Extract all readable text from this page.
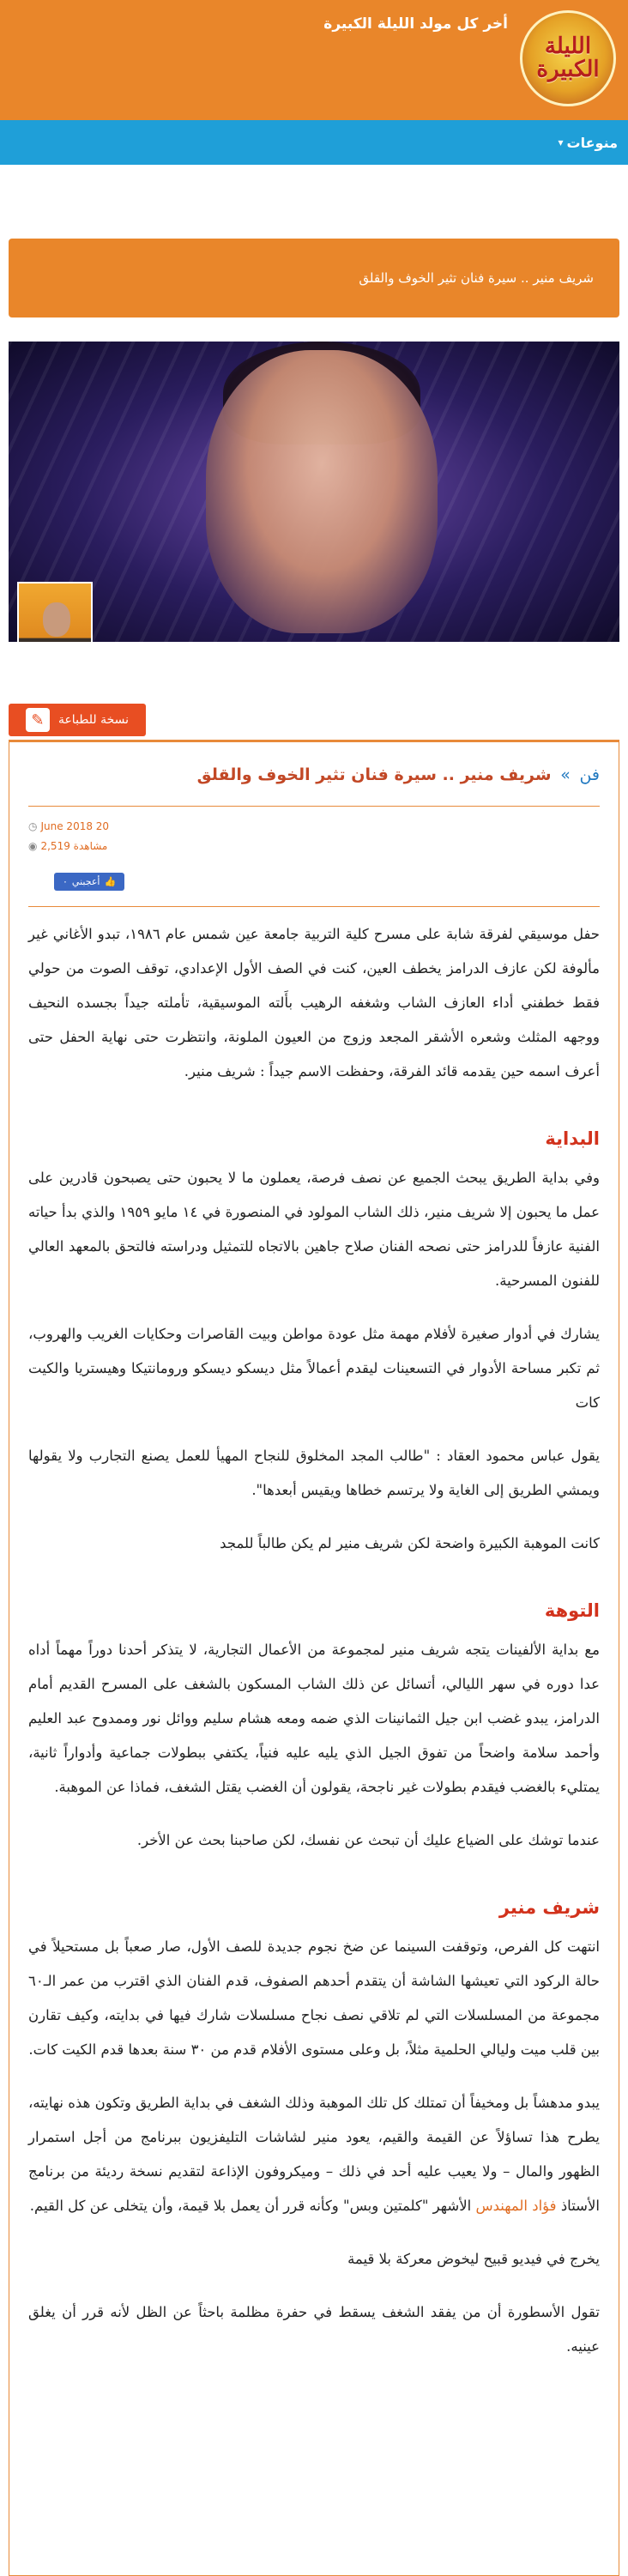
الليلة
الكبيرة
أخر كل مولد الليلة الكبيرة
منوعات
▾
شريف منير .. سيرة فنان تثير الخوف والقلق
نسخة للطباعة
✎
فن » شريف منير .. سيرة فنان تثير الخوف والقلق
◷ June 2018 20
◉ 2,519 مشاهدة
👍
أعجبني
٠

حفل موسيقي لفرقة شابة على مسرح كلية التربية جامعة عين شمس عام ١٩٨٦، تبدو الأغاني غير مألوفة لكن عازف الدرامز يخطف العين، كنت في الصف الأول الإعدادي، توقف الصوت من حولي فقط خطفني أداء العازف الشاب وشغفه الرهيب بأَلته الموسيقية، تأملته جيداً بجسده النحيف ووجهه المثلث وشعره الأشقر المجعد وزوج من العيون الملونة، وانتظرت حتى نهاية الحفل حتى أعرف اسمه حين يقدمه قائد الفرقة، وحفظت الاسم جيداً : شريف منير.

البداية

وفي بداية الطريق يبحث الجميع عن نصف فرصة، يعملون ما لا يحبون حتى يصبحون قادرين على عمل ما يحبون إلا شريف منير، ذلك الشاب المولود في المنصورة في ١٤ مايو ١٩٥٩ والذي بدأ حياته الفنية عازفاً للدرامز حتى نصحه الفنان صلاح جاهين بالاتجاه للتمثيل ودراسته فالتحق بالمعهد العالي للفنون المسرحية.

يشارك في أدوار صغيرة لأفلام مهمة مثل عودة مواطن وبيت القاصرات وحكايات الغريب والهروب، ثم تكبر مساحة الأدوار في التسعينات ليقدم أعمالاً مثل ديسكو ديسكو ورومانتيكا وهيستريا والكيت كات

يقول عباس محمود العقاد : "طالب المجد المخلوق للنجاح المهيأ للعمل يصنع التجارب ولا يقولها ويمشي الطريق إلى الغاية ولا يرتسم خطاها ويقيس أبعدها".

كانت الموهبة الكبيرة واضحة لكن شريف منير لم يكن طالباً للمجد

التوهة

مع بداية الألفينات يتجه شريف منير لمجموعة من الأعمال التجارية، لا يتذكر أحدنا دوراً مهماً أداه عدا دوره في سهر الليالي، أتسائل عن ذلك الشاب المسكون بالشغف على المسرح القديم أمام الدرامز، يبدو غضب ابن جيل الثمانينات الذي ضمه ومعه هشام سليم ووائل نور وممدوح عبد العليم وأحمد سلامة واضحاً من تفوق الجيل الذي يليه عليه فنياً، يكتفي ببطولات جماعية وأدواراً ثانية، يمتليء بالغضب فيقدم بطولات غير ناجحة، يقولون أن الغضب يقتل الشغف، فماذا عن الموهبة.

عندما توشك على الضياع عليك أن تبحث عن نفسك، لكن صاحبنا بحث عن الأخر.

شريف منير

انتهت كل الفرص، وتوقفت السينما عن ضخ نجوم جديدة للصف الأول، صار صعباً بل مستحيلاً في حالة الركود التي تعيشها الشاشة أن يتقدم أحدهم الصفوف، قدم الفنان الذي اقترب من عمر الـ٦٠ مجموعة من المسلسلات التي لم تلاقي نصف نجاح مسلسلات شارك فيها في بدايته، وكيف تقارن بين قلب ميت وليالي الحلمية مثلاً، بل وعلى مستوى الأفلام قدم من ٣٠ سنة بعدها قدم الكيت كات.

يبدو مدهشاً بل ومخيفاً أن تمتلك كل تلك الموهبة وذلك الشغف في بداية الطريق وتكون هذه نهايته، يطرح هذا تساؤلاً عن القيمة والقيم، يعود منير لشاشات التليفزيون ببرنامج من أجل استمرار الظهور والمال – ولا يعيب عليه أحد في ذلك – وميكروفون الإذاعة لتقديم نسخة رديئة من برنامج الأستاذ فؤاد المهندس الأشهر "كلمتين وبس" وكأنه قرر أن يعمل بلا قيمة، وأن يتخلى عن كل القيم.

يخرج في فيديو قبيح ليخوض معركة بلا قيمة

تقول الأسطورة أن من يفقد الشغف يسقط في حفرة مظلمة باحثاً عن الظل لأنه قرر أن يغلق عينيه.
